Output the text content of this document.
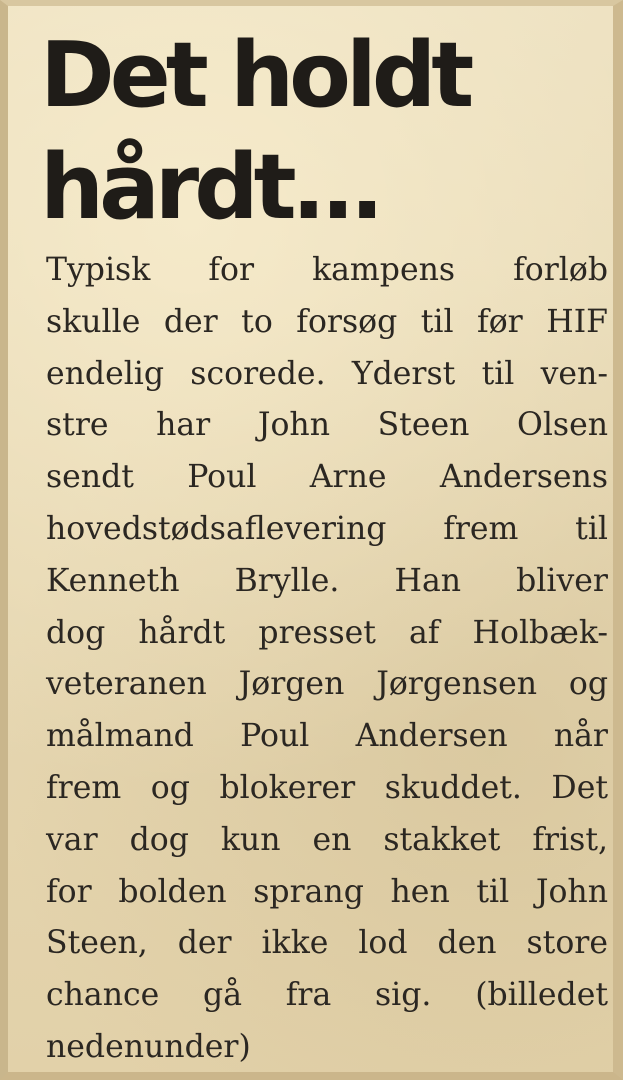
Det holdt
hårdt...
Typisk for kampens forløb
skulle der to forsøg til før HIF
endelig scorede. Yderst til ven-
stre har John Steen Olsen
sendt Poul Arne Andersens
hovedstødsaflevering frem til
Kenneth Brylle. Han bliver
dog hårdt presset af Holbæk-
veteranen Jørgen Jørgensen og
målmand Poul Andersen når
frem og blokerer skuddet. Det
var dog kun en stakket frist,
for bolden sprang hen til John
Steen, der ikke lod den store
chance gå fra sig. (billedet
nedenunder)
